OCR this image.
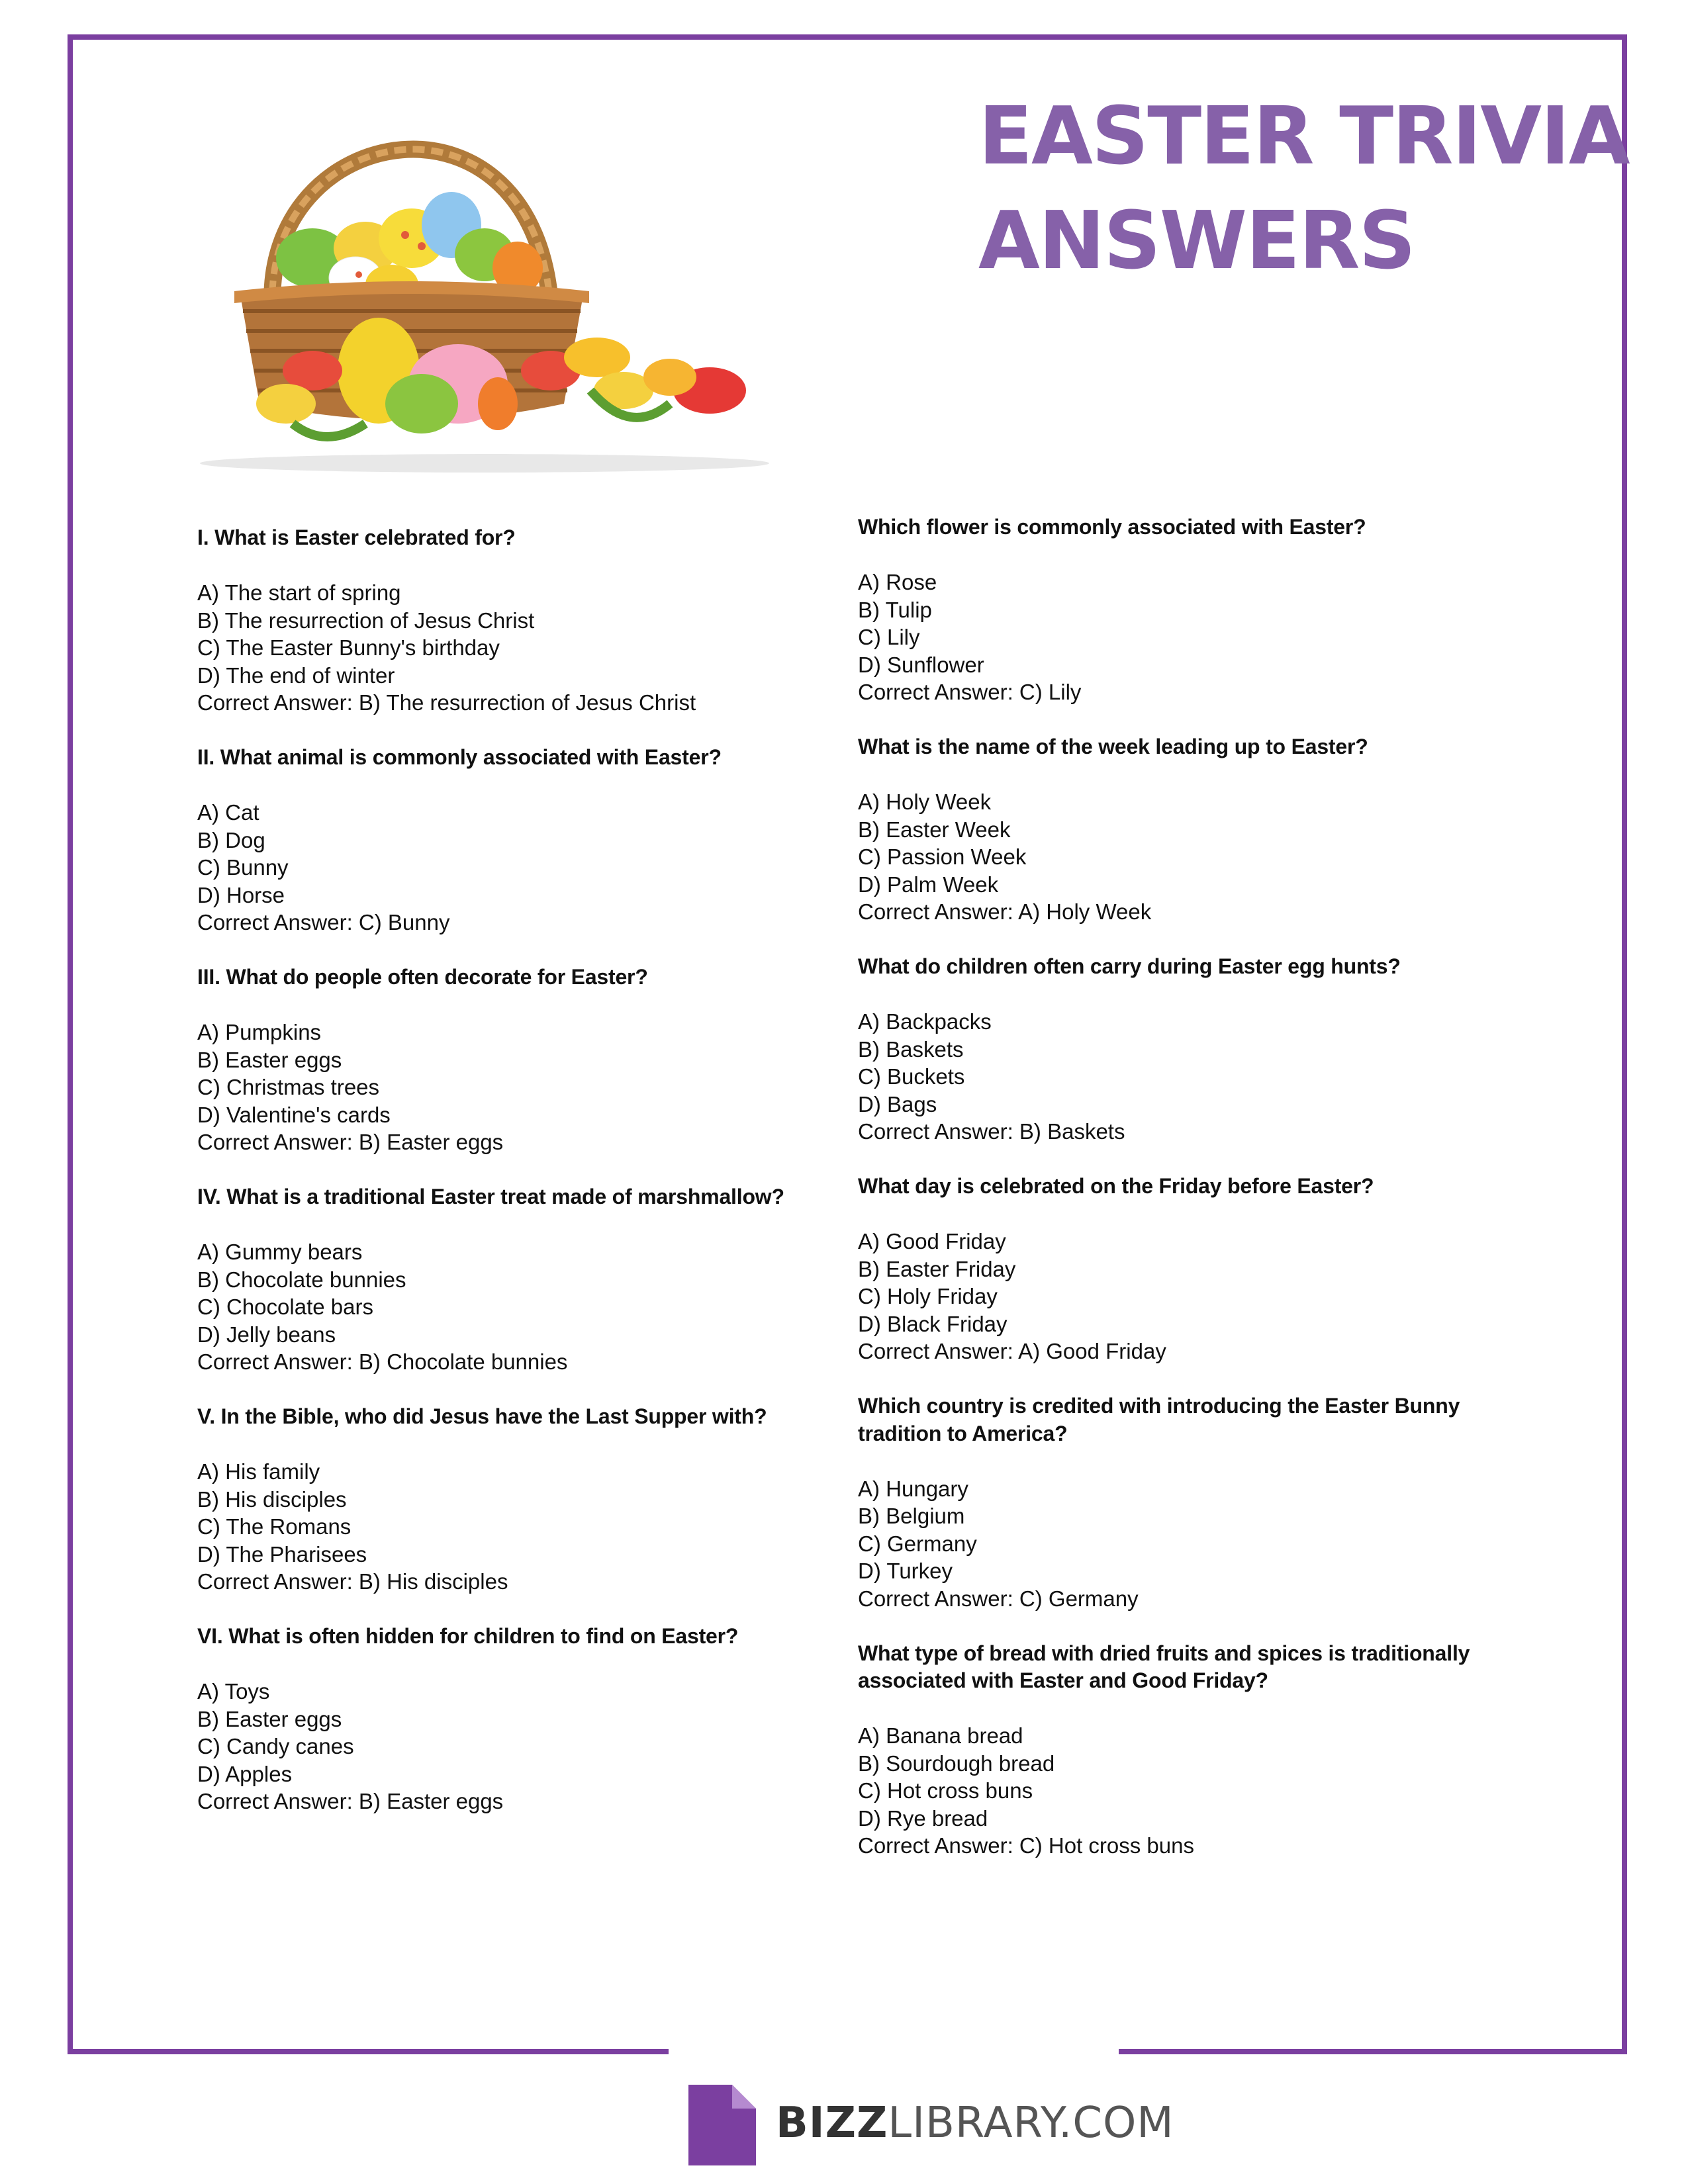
EASTER TRIVIA
ANSWERS
I. What is Easter celebrated for?
A) The start of spring
B) The resurrection of Jesus Christ
C) The Easter Bunny's birthday
D) The end of winter
Correct Answer: B) The resurrection of Jesus Christ
II. What animal is commonly associated with Easter?
A) Cat
B) Dog
C) Bunny
D) Horse
Correct Answer: C) Bunny
III. What do people often decorate for Easter?
A) Pumpkins
B) Easter eggs
C) Christmas trees
D) Valentine's cards
Correct Answer: B) Easter eggs
IV. What is a traditional Easter treat made of marshmallow?
A) Gummy bears
B) Chocolate bunnies
C) Chocolate bars
D) Jelly beans
Correct Answer: B) Chocolate bunnies
V. In the Bible, who did Jesus have the Last Supper with?
A) His family
B) His disciples
C) The Romans
D) The Pharisees
Correct Answer: B) His disciples
VI. What is often hidden for children to find on Easter?
A) Toys
B) Easter eggs
C) Candy canes
D) Apples
Correct Answer: B) Easter eggs
Which flower is commonly associated with Easter?
A) Rose
B) Tulip
C) Lily
D) Sunflower
Correct Answer: C) Lily
What is the name of the week leading up to Easter?
A) Holy Week
B) Easter Week
C) Passion Week
D) Palm Week
Correct Answer: A) Holy Week
What do children often carry during Easter egg hunts?
A) Backpacks
B) Baskets
C) Buckets
D) Bags
Correct Answer: B) Baskets
What day is celebrated on the Friday before Easter?
A) Good Friday
B) Easter Friday
C) Holy Friday
D) Black Friday
Correct Answer: A) Good Friday
Which country is credited with introducing the Easter Bunny tradition to America?
A) Hungary
B) Belgium
C) Germany
D) Turkey
Correct Answer: C) Germany
What type of bread with dried fruits and spices is traditionally associated with Easter and Good Friday?
A) Banana bread
B) Sourdough bread
C) Hot cross buns
D) Rye bread
Correct Answer: C) Hot cross buns
BIZZLIBRARY.COM
